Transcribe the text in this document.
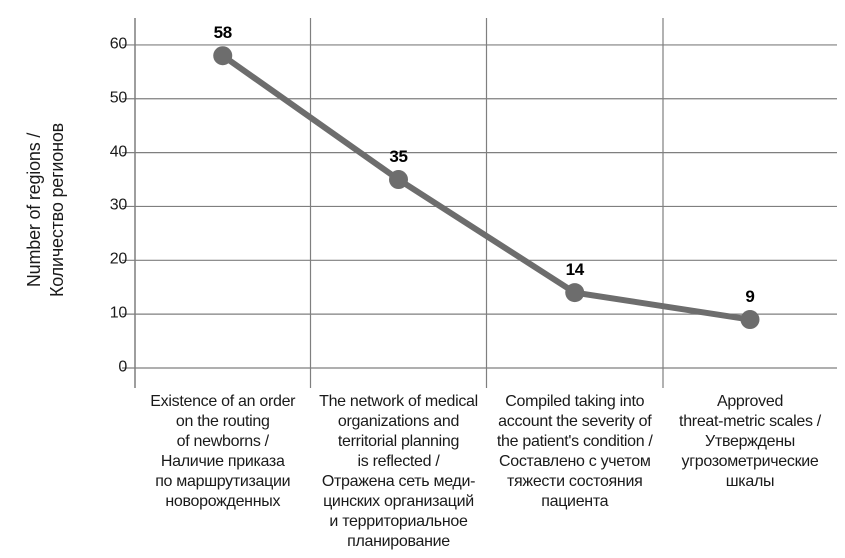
Number of regions / Количество регионов
0
10
20
30
40
50
60
58
35
14
9
Existence of an order
on the routing
of newborns /
Наличие приказа
по маршрутизации
новорожденных
The network of medical
organizations and
territorial planning
is reflected /
Отражена сеть меди-
цинских организаций
и территориальное
планирование
Compiled taking into
account the severity of
the patient's condition /
Составлено с учетом
тяжести состояния
пациента
Approved
threat-metric scales /
Утверждены
угрозометрические
шкалы
